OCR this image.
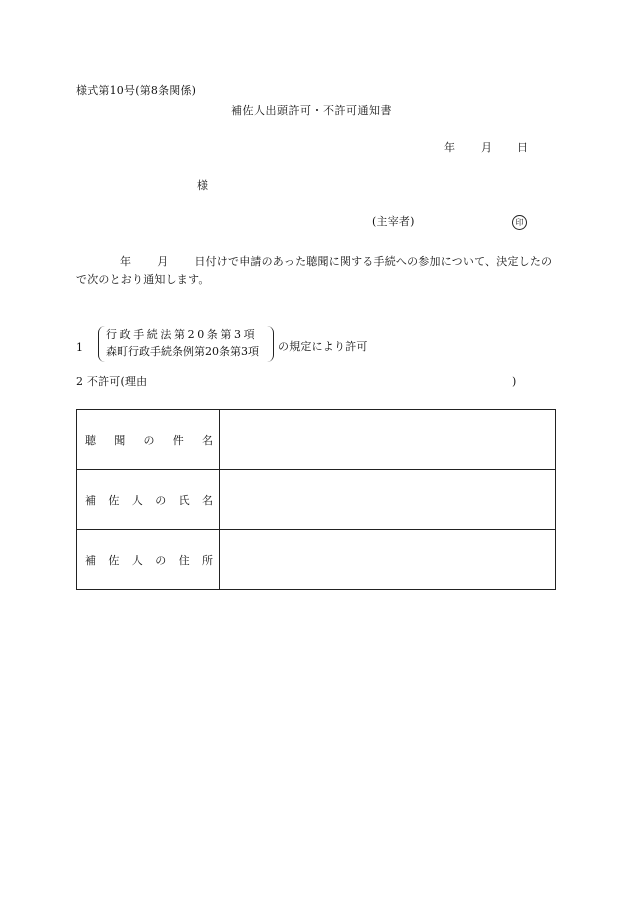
様式第10号(第8条関係)
補佐人出頭許可・不許可通知書
年 月 日
様
(主宰者)	印
年 月 日付けで申請のあった聴聞に関する手続への参加について、決定したので次のとおり通知します。
1
行政手続法第20条第3項
森町行政手続条例第20条第3項 の規定により許可
2 不許可(理由	)
聴聞の件名	
補佐人の氏名	
補佐人の住所	
